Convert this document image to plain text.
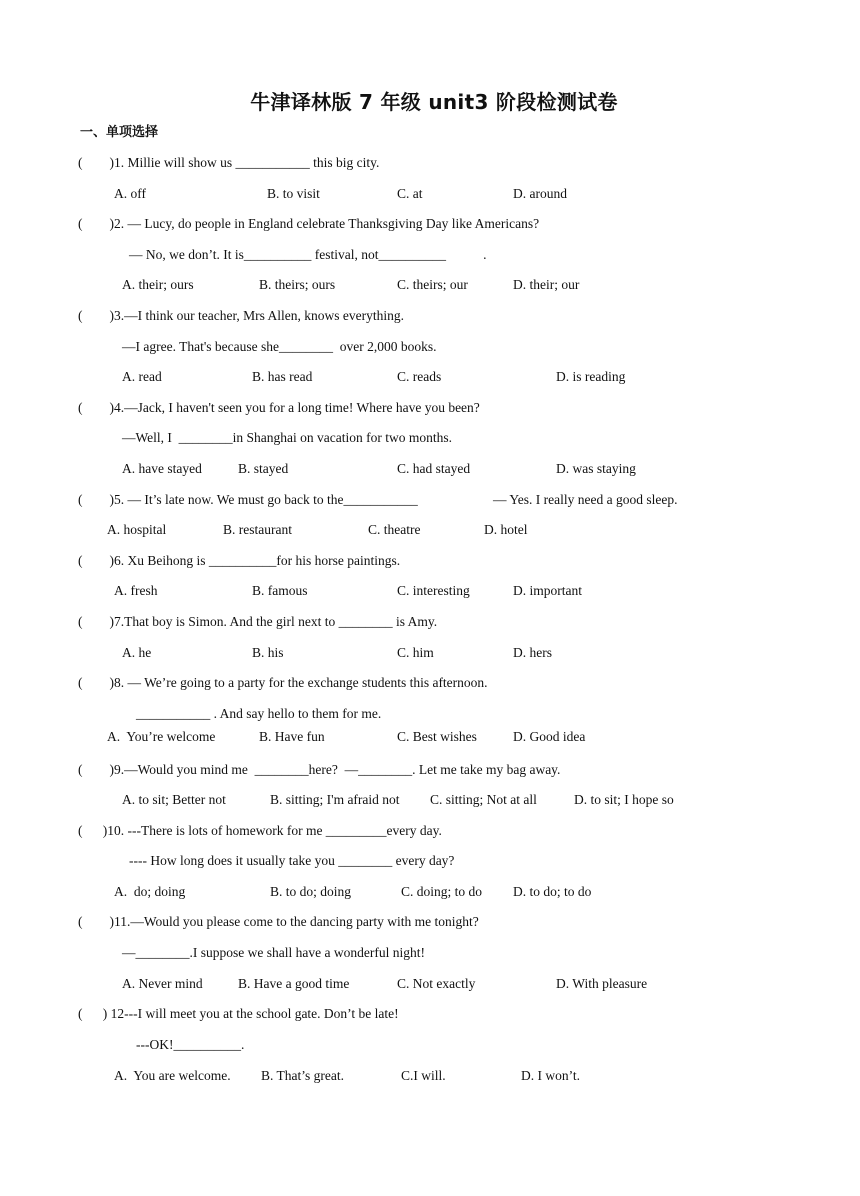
牛津译林版 7 年级 unit3 阶段检测试卷
一、单项选择
(        )1. Millie will show us ___________ this big city.
A. off	B. to visit	C. at	D. around
(        )2. — Lucy, do people in England celebrate Thanksgiving Day like Americans?
— No, we don’t. It is__________ festival, not__________           .
A. their; ours	B. theirs; ours	C. theirs; our	D. their; our
(        )3.—I think our teacher, Mrs Allen, knows everything.
—I agree. That's because she________  over 2,000 books.
A. read	B. has read	C. reads	D. is reading
(        )4.—Jack, I haven't seen you for a long time! Where have you been?
—Well, I  ________in Shanghai on vacation for two months.
A. have stayed	B. stayed	C. had stayed	D. was staying
(        )5. — It’s late now. We must go back to the___________	— Yes. I really need a good sleep.
A. hospital	B. restaurant	C. theatre	D. hotel
(        )6. Xu Beihong is __________for his horse paintings.
A. fresh	B. famous	C. interesting	D. important
(        )7.That boy is Simon. And the girl next to ________ is Amy.
A. he	B. his	C. him	D. hers
(        )8. — We’re going to a party for the exchange students this afternoon.
___________ . And say hello to them for me.
A.  You’re welcome	B. Have fun	C. Best wishes	D. Good idea
(        )9.—Would you mind me  ________here?  —________. Let me take my bag away.
A. to sit; Better not	B. sitting; I'm afraid not C. sitting; Not at all	D. to sit; I hope so
(      )10. ---There is lots of homework for me _________every day.
---- How long does it usually take you ________ every day?
A.  do; doing	B. to do; doing	C. doing; to do D. to do; to do
(        )11.—Would you please come to the dancing party with me tonight?
—________.I suppose we shall have a wonderful night!
A. Never mind	B. Have a good time	C. Not exactly	D. With pleasure
(      ) 12---I will meet you at the school gate. Don’t be late!
---OK!__________.
A.  You are welcome. B. That’s great.	C.I will.	D. I won’t.
